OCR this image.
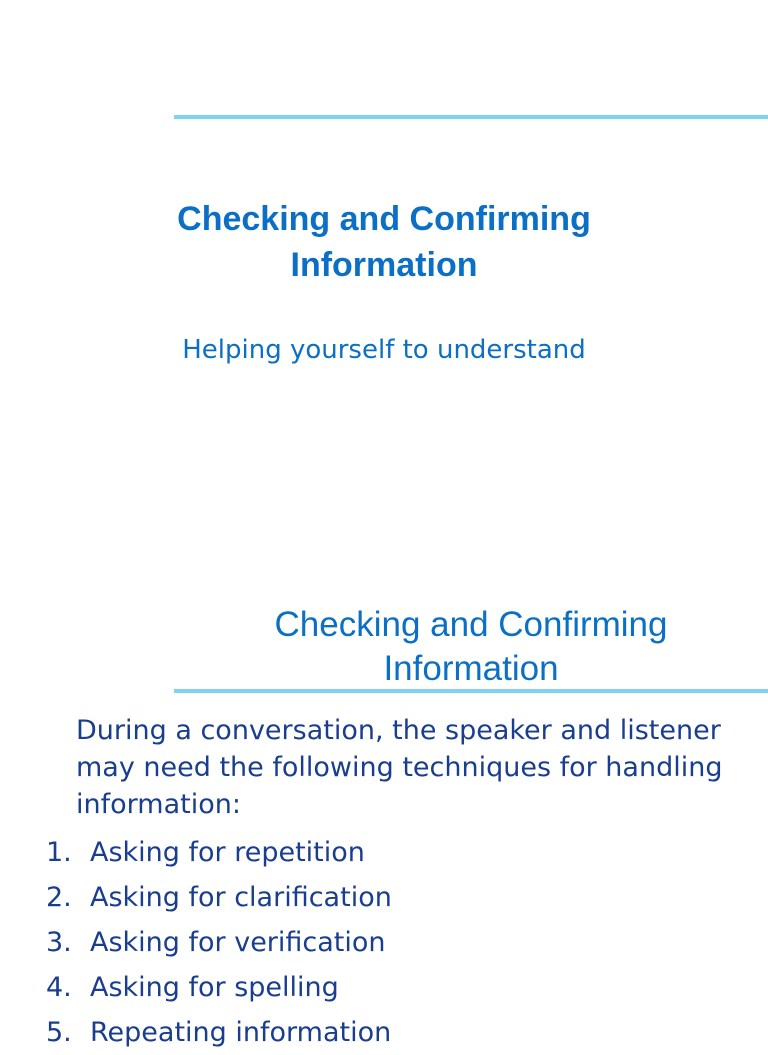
Checking and Confirming
Information
Helping yourself to understand
Checking and Confirming
Information
During a conversation, the speaker and listener may need the following techniques for handling information:
1. Asking for repetition
2. Asking for clarification
3. Asking for verification
4. Asking for spelling
5. Repeating information
